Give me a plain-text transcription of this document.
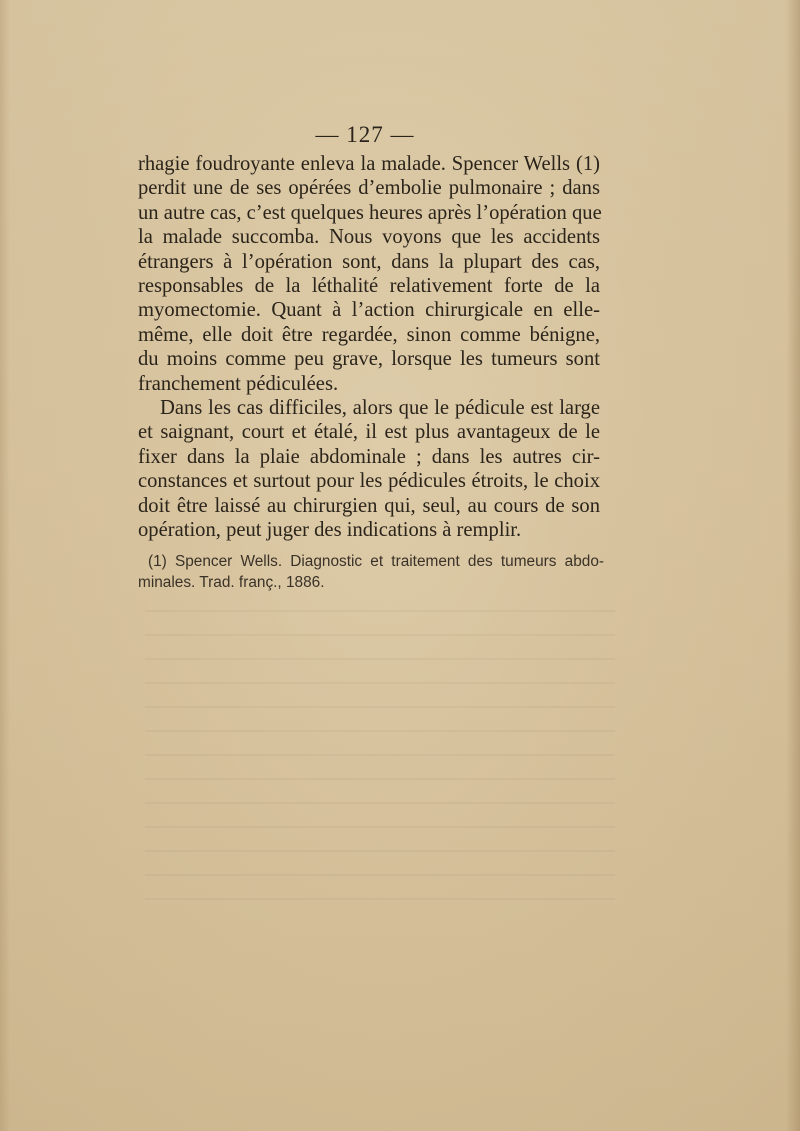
— 127 —
rhagie foudroyante enleva la malade. Spencer Wells (1)
perdit une de ses opérées d’embolie pulmonaire ; dans
un autre cas, c’est quelques heures après l’opération que
la malade succomba. Nous voyons que les accidents
étrangers à l’opération sont, dans la plupart des cas,
responsables de la léthalité relativement forte de la
myomectomie. Quant à l’action chirurgicale en elle-
même, elle doit être regardée, sinon comme bénigne,
du moins comme peu grave, lorsque les tumeurs sont
franchement pédiculées.
Dans les cas difficiles, alors que le pédicule est large
et saignant, court et étalé, il est plus avantageux de le
fixer dans la plaie abdominale ; dans les autres cir-
constances et surtout pour les pédicules étroits, le choix
doit être laissé au chirurgien qui, seul, au cours de son
opération, peut juger des indications à remplir.
(1) Spencer Wells. Diagnostic et traitement des tumeurs abdo-
minales. Trad. franç., 1886.
